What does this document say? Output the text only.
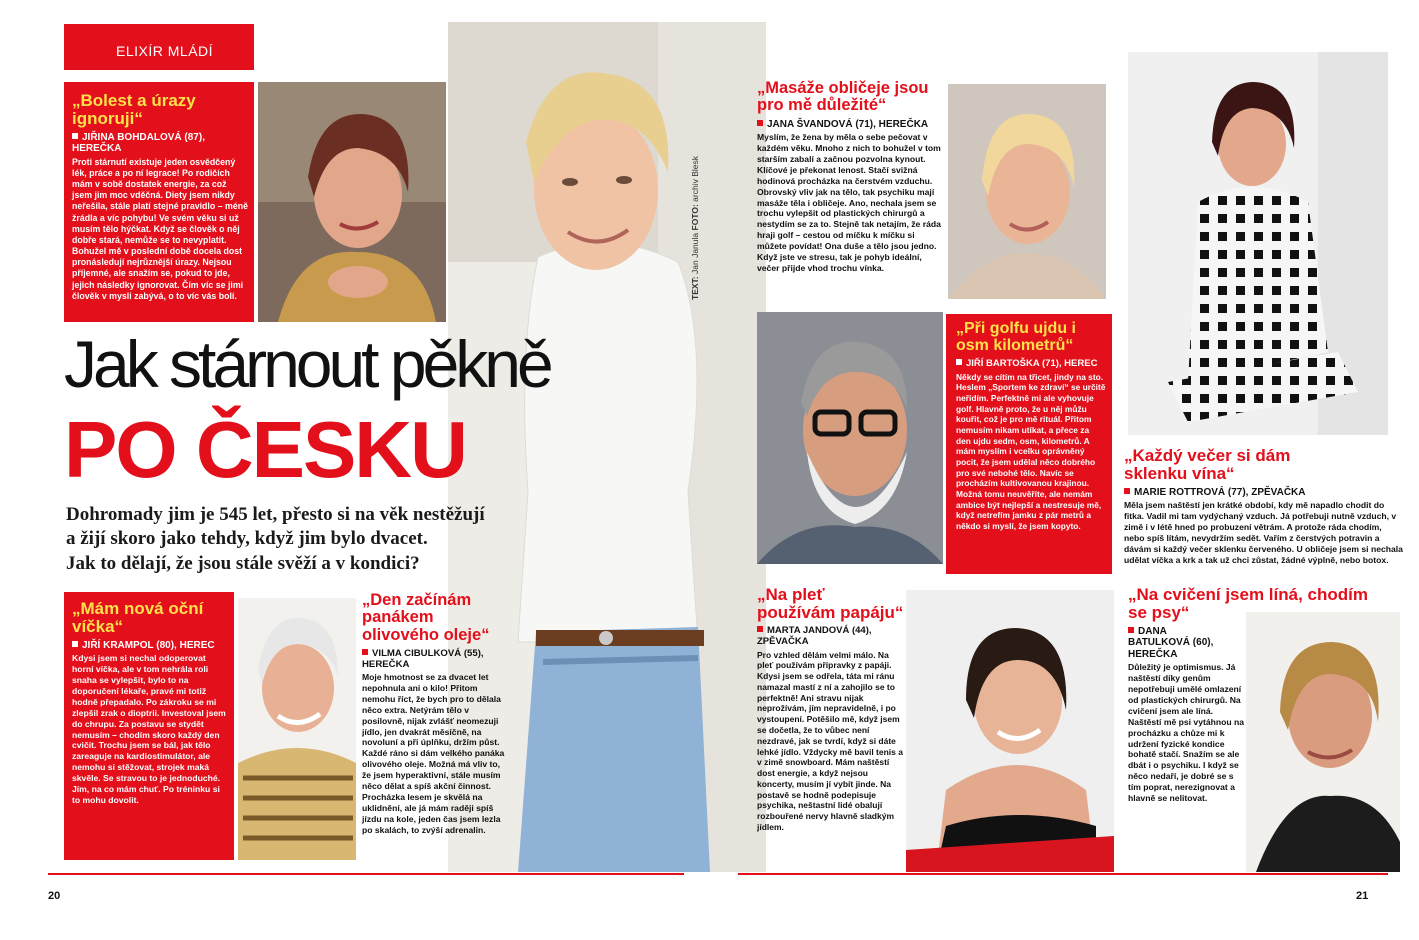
ELIXÍR MLÁDÍ

„Bolest a úrazy ignoruji“

JIŘINA BOHDALOVÁ (87), HEREČKA

Proti stárnutí existuje jeden osvědčený lék, práce a po ní legrace! Po rodičích mám v sobě dostatek energie, za což jsem jim moc vděčná. Diety jsem nikdy neřešila, stále platí stejné pravidlo – méně žrádla a víc pohybu! Ve svém věku si už musím tělo hýčkat. Když se člověk o něj dobře stará, nemůže se to nevyplatit. Bohužel mě v poslední době docela dost pronásledují nejrůznější úrazy. Nejsou příjemné, ale snažím se, pokud to jde, jejich následky ignorovat. Čím víc se jimi člověk v mysli zabývá, o to víc vás bolí.

Jak stárnout pěkně
PO ČESKU
Dohromady jim je 545 let, přesto si na věk nestěžují
a žijí skoro jako tehdy, když jim bylo dvacet.
Jak to dělají, že jsou stále svěží a v kondici?

„Mám nová oční víčka“

JIŘÍ KRAMPOL (80), HEREC

Kdysi jsem si nechal odoperovat horní víčka, ale v tom nehrála roli snaha se vylepšit, bylo to na doporučení lékaře, pravé mi totiž hodně přepadalo. Po zákroku se mi zlepšil zrak o dioptrii. Investoval jsem do chrupu. Za postavu se stydět nemusím – chodím skoro každý den cvičit. Trochu jsem se bál, jak tělo zareaguje na kardiostimulátor, ale nemohu si stěžovat, strojek maká skvěle. Se stravou to je jednoduché. Jím, na co mám chuť. Po tréninku si to mohu dovolit.

„Den začínám panákem olivového oleje“

VILMA CIBULKOVÁ (55), HEREČKA

Moje hmotnost se za dvacet let nepohnula ani o kilo! Přitom nemohu říct, že bych pro to dělala něco extra. Netýrám tělo v posilovně, nijak zvlášť neomezuji jídlo, jen dvakrát měsíčně, na novoluní a při úplňku, držím půst. Každé ráno si dám velkého panáka olivového oleje. Možná má vliv to, že jsem hyperaktivní, stále musím něco dělat a spíš akční činnost. Procházka lesem je skvělá na uklidnění, ale já mám raději spíš jízdu na kole, jeden čas jsem lezla po skalách, to zvýší adrenalin.

TEXT: Jan Janula FOTO: archiv Blesk

„Masáže obličeje jsou pro mě důležité“

JANA ŠVANDOVÁ (71), HEREČKA

Myslím, že žena by měla o sebe pečovat v každém věku. Mnoho z nich to bohužel v tom starším zabalí a začnou pozvolna kynout. Klíčové je překonat lenost. Stačí svižná hodinová procházka na čerstvém vzduchu. Obrovský vliv jak na tělo, tak psychiku mají masáže těla i obličeje. Ano, nechala jsem se trochu vylepšit od plastických chirurgů a nestydím se za to. Stejně tak netajím, že ráda hraji golf – cestou od míčku k míčku si můžete povídat! Ona duše a tělo jsou jedno. Když jste ve stresu, tak je pohyb ideální, večer přijde vhod trochu vínka.

„Při golfu ujdu i osm kilometrů“

JIŘÍ BARTOŠKA (71), HEREC

Někdy se cítím na třicet, jindy na sto. Heslem „Sportem ke zdraví“ se určitě neřídím. Perfektně mi ale vyhovuje golf. Hlavně proto, že u něj můžu kouřit, což je pro mě rituál. Přitom nemusím nikam utíkat, a přece za den ujdu sedm, osm, kilometrů. A mám myslím i vcelku oprávněný pocit, že jsem udělal něco dobrého pro své nebohé tělo. Navíc se procházím kultivovanou krajinou. Možná tomu neuvěříte, ale nemám ambice být nejlepší a nestresuje mě, když netrefím jamku z pár metrů a někdo si myslí, že jsem kopyto.

„Každý večer si dám sklenku vína“

MARIE ROTTROVÁ (77), ZPĚVAČKA

Měla jsem naštěstí jen krátké období, kdy mě napadlo chodit do fitka. Vadil mi tam vydýchaný vzduch. Já potřebuji nutně vzduch, v zimě i v létě hned po probuzení větrám. A protože ráda chodím, nebo spíš lítám, nevydržím sedět. Vařím z čerstvých potravin a dávám si každý večer sklenku červeného. U obličeje jsem si nechala udělat víčka a krk a tak už chci zůstat, žádné výplně, nebo botox.

„Na pleť používám papáju“

MARTA JANDOVÁ (44), ZPĚVAČKA

Pro vzhled dělám velmi málo. Na pleť používám přípravky z papáji. Kdysi jsem se odřela, táta mi ránu namazal mastí z ní a zahojilo se to perfektně! Ani stravu nijak neprožívám, jím nepravidelně, i po vystoupení. Potěšilo mě, když jsem se dočetla, že to vůbec není nezdravé, jak se tvrdí, když si dáte lehké jídlo. Vždycky mě bavil tenis a v zimě snowboard. Mám naštěstí dost energie, a když nejsou koncerty, musím jí vybít jinde. Na postavě se hodně podepisuje psychika, neštastní lidé obalují rozbouřené nervy hlavně sladkým jídlem.

„Na cvičení jsem líná, chodím se psy“

DANA BATULKOVÁ (60), HEREČKA

Důležitý je optimismus. Já naštěstí díky genům nepotřebuji umělé omlazení od plastických chirurgů. Na cvičení jsem ale líná. Naštěstí mě psi vytáhnou na procházku a chůze mi k udržení fyzické kondice bohatě stačí. Snažím se ale dbát i o psychiku. I když se něco nedaří, je dobré se s tím poprat, nerezignovat a hlavně se nelitovat.

20	21
